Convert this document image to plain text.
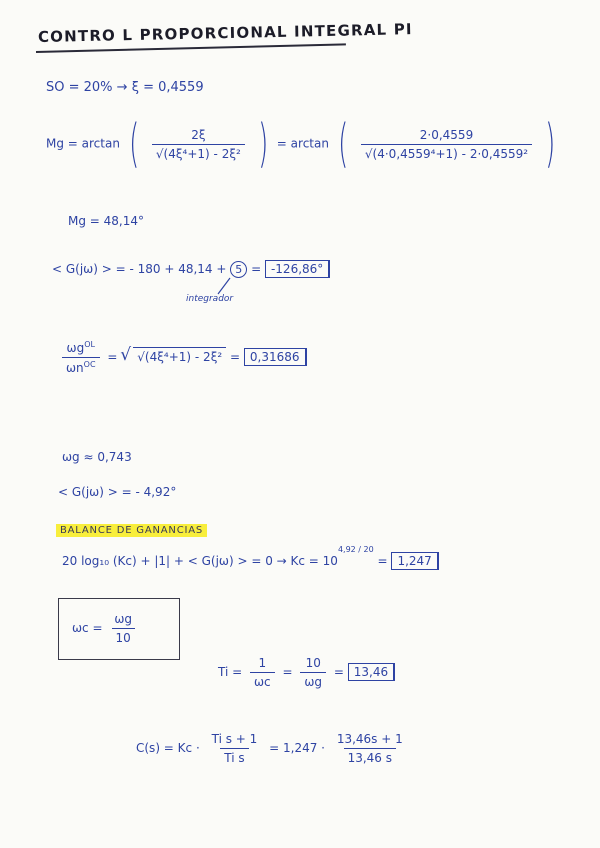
CONTRO L PROPORCIONAL INTEGRAL PI
SO = 20% → ξ = 0,4559
Mg = arctan ( $\frac{2\xi}{\text{√(4ξ⁴+1) - 2ξ²}}$ ) = arctan ( $\frac{2\cdot 0,4559}{\text{√(4·0,4559⁴+1) - 2·0,4559²}}$ )
Mg = 48,14°
< G(jω) > = - 180 + 48,14 + 5 = -126,86°
integrador
$\frac{\omega g^{OL}}{\omega n^{OC}}$ = √ √(4ξ⁴+1) - 2ξ² = 0,31686
ωg ≈ 0,743
< G(jω) > = - 4,92°
BALANCE DE GANANCIAS
20 log₁₀ (Kc) + |1| + < G(jω) > = $0 \to Kc = 10^{4,92 / 20} = 1,247$
$\omega c = \frac{\omega g}{10}$
$Ti = \frac{1}{\omega c} = \frac{10}{\omega g} = 13,46$
$C(s) = Kc \cdot \frac{\text{Ti s + 1}}{\text{Ti s}} = 1,247 \cdot \frac{13,46s + 1}{13,46 s}$
